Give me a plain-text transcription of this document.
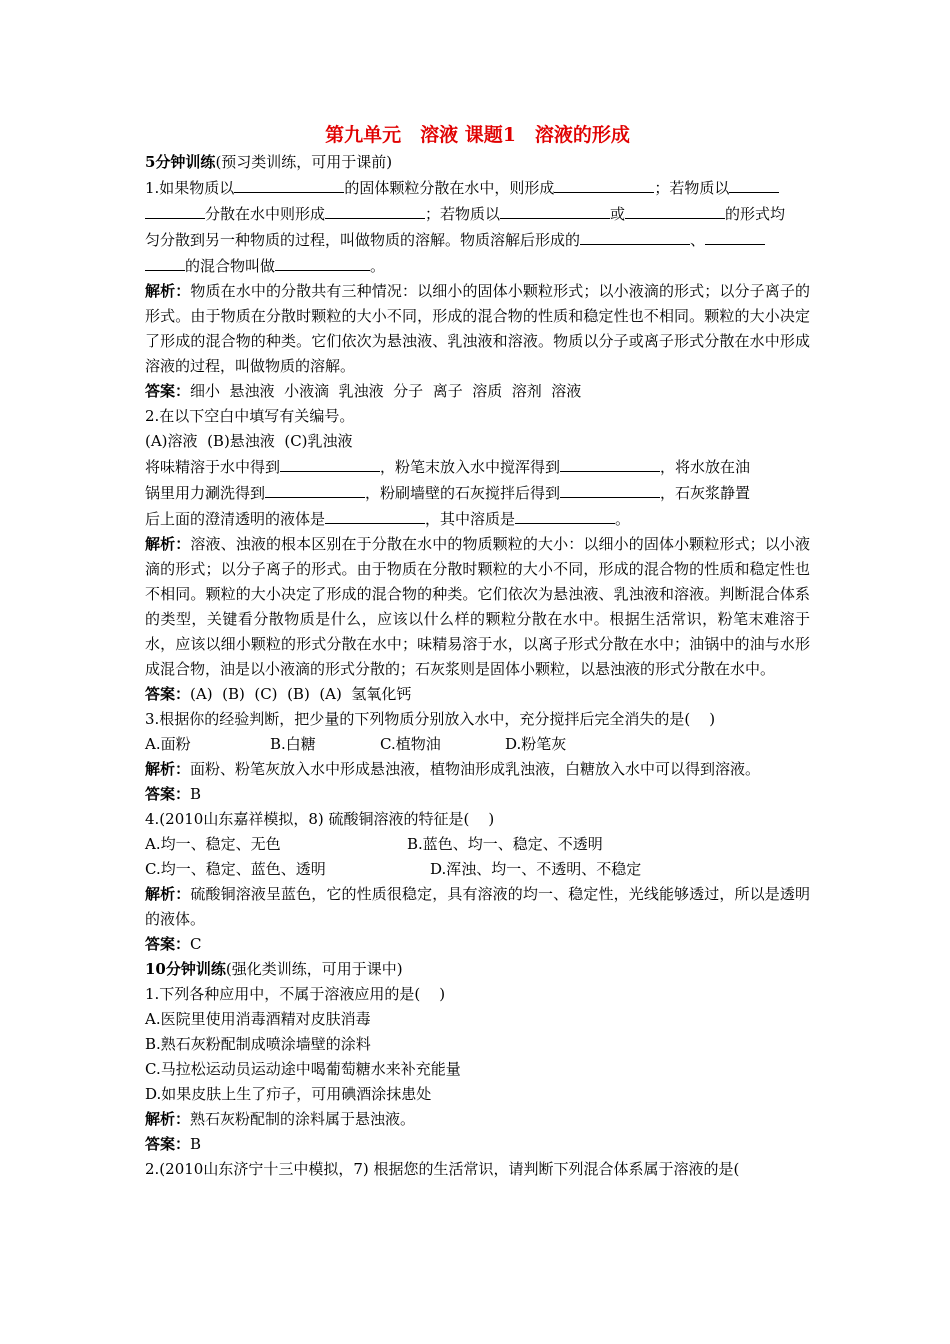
第九单元　溶液 课题1　溶液的形成
5分钟训练(预习类训练，可用于课前)
1.如果物质以	的固体颗粒分散在水中，则形成	；若物质以
分散在水中则形成	；若物质以	或	的形式均
匀分散到另一种物质的过程，叫做物质的溶解。物质溶解后形成的	、
的混合物叫做	。
解析：物质在水中的分散共有三种情况：以细小的固体小颗粒形式；以小液滴的形式；以分子离子的形式。由于物质在分散时颗粒的大小不同，形成的混合物的性质和稳定性也不相同。颗粒的大小决定了形成的混合物的种类。它们依次为悬浊液、乳浊液和溶液。物质以分子或离子形式分散在水中形成溶液的过程，叫做物质的溶解。
答案：细小  悬浊液  小液滴  乳浊液  分子  离子  溶质  溶剂  溶液
2.在以下空白中填写有关编号。
(A)溶液  (B)悬浊液  (C)乳浊液
将味精溶于水中得到	，粉笔末放入水中搅浑得到	，将水放在油
锅里用力涮洗得到	，粉刷墙壁的石灰搅拌后得到	，石灰浆静置
后上面的澄清透明的液体是	，其中溶质是	。
解析：溶液、浊液的根本区别在于分散在水中的物质颗粒的大小：以细小的固体小颗粒形式；以小液滴的形式；以分子离子的形式。由于物质在分散时颗粒的大小不同，形成的混合物的性质和稳定性也不相同。颗粒的大小决定了形成的混合物的种类。它们依次为悬浊液、乳浊液和溶液。判断混合体系的类型，关键看分散物质是什么，应该以什么样的颗粒分散在水中。根据生活常识，粉笔末难溶于水，应该以细小颗粒的形式分散在水中；味精易溶于水，以离子形式分散在水中；油锅中的油与水形成混合物，油是以小液滴的形式分散的；石灰浆则是固体小颗粒，以悬浊液的形式分散在水中。
答案：(A)  (B)  (C)  (B)  (A)  氢氧化钙
3.根据你的经验判断，把少量的下列物质分别放入水中，充分搅拌后完全消失的是(    )
A.面粉	B.白糖	C.植物油	D.粉笔灰
解析：面粉、粉笔灰放入水中形成悬浊液，植物油形成乳浊液，白糖放入水中可以得到溶液。
答案：B
4.(2010山东嘉祥模拟，8) 硫酸铜溶液的特征是(    )
A.均一、稳定、无色	B.蓝色、均一、稳定、不透明
C.均一、稳定、蓝色、透明	D.浑浊、均一、不透明、不稳定
解析：硫酸铜溶液呈蓝色，它的性质很稳定，具有溶液的均一、稳定性，光线能够透过，所以是透明的液体。
答案：C
10分钟训练(强化类训练，可用于课中)
1.下列各种应用中，不属于溶液应用的是(    )
A.医院里使用消毒酒精对皮肤消毒
B.熟石灰粉配制成喷涂墙壁的涂料
C.马拉松运动员运动途中喝葡萄糖水来补充能量
D.如果皮肤上生了疖子，可用碘酒涂抹患处
解析：熟石灰粉配制的涂料属于悬浊液。
答案：B
2.(2010山东济宁十三中模拟，7) 根据您的生活常识，请判断下列混合体系属于溶液的是(
